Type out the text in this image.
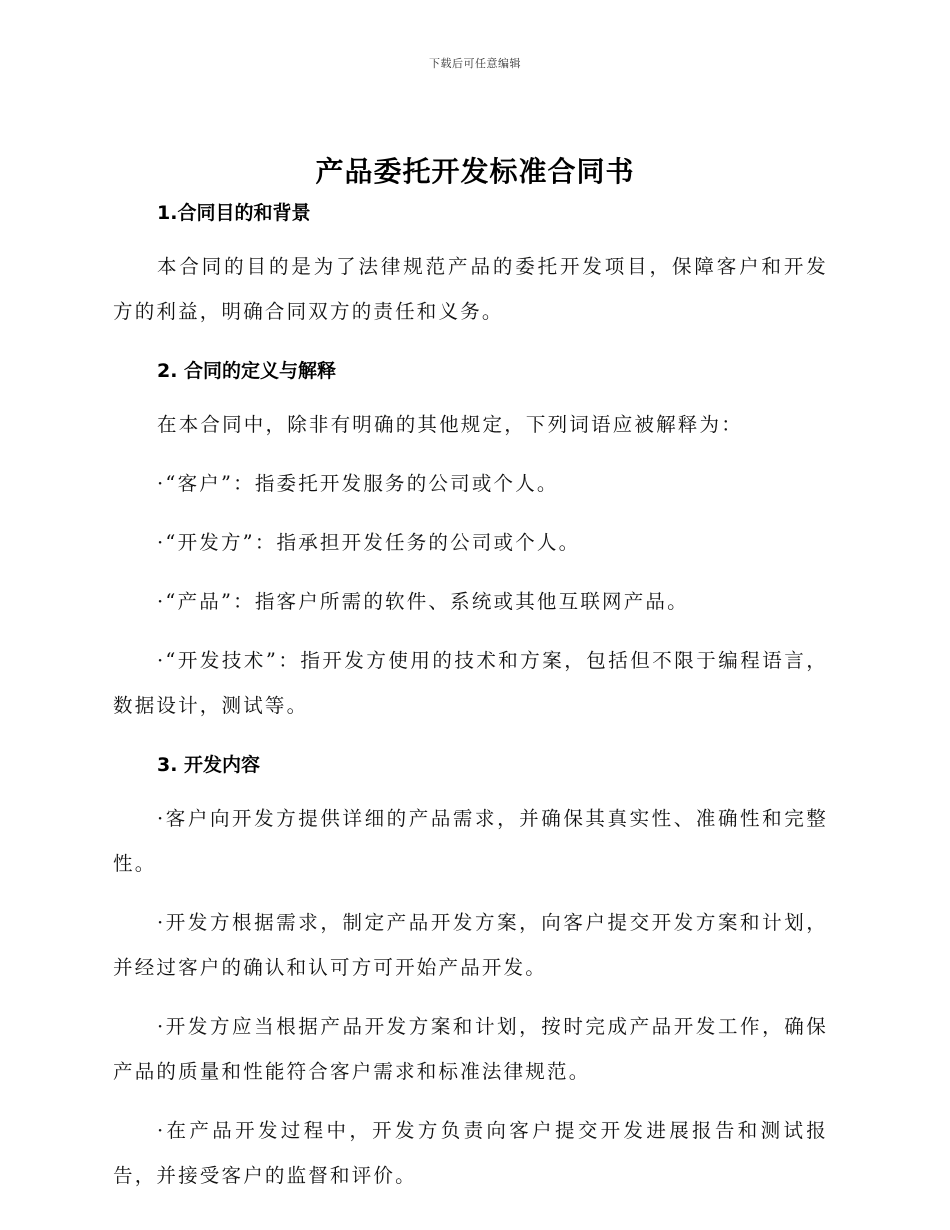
下载后可任意编辑
产品委托开发标准合同书
1.合同目的和背景

本合同的目的是为了法律规范产品的委托开发项目，保障客户和开发方的利益，明确合同双方的责任和义务。

2. 合同的定义与解释

在本合同中，除非有明确的其他规定，下列词语应被解释为：

·“客户”：指委托开发服务的公司或个人。

·“开发方”：指承担开发任务的公司或个人。

·“产品”：指客户所需的软件、系统或其他互联网产品。

·“开发技术”：指开发方使用的技术和方案，包括但不限于编程语言，数据设计，测试等。

3. 开发内容

·客户向开发方提供详细的产品需求，并确保其真实性、准确性和完整性。

·开发方根据需求，制定产品开发方案，向客户提交开发方案和计划，并经过客户的确认和认可方可开始产品开发。

·开发方应当根据产品开发方案和计划，按时完成产品开发工作，确保产品的质量和性能符合客户需求和标准法律规范。

·在产品开发过程中，开发方负责向客户提交开发进展报告和测试报告，并接受客户的监督和评价。
